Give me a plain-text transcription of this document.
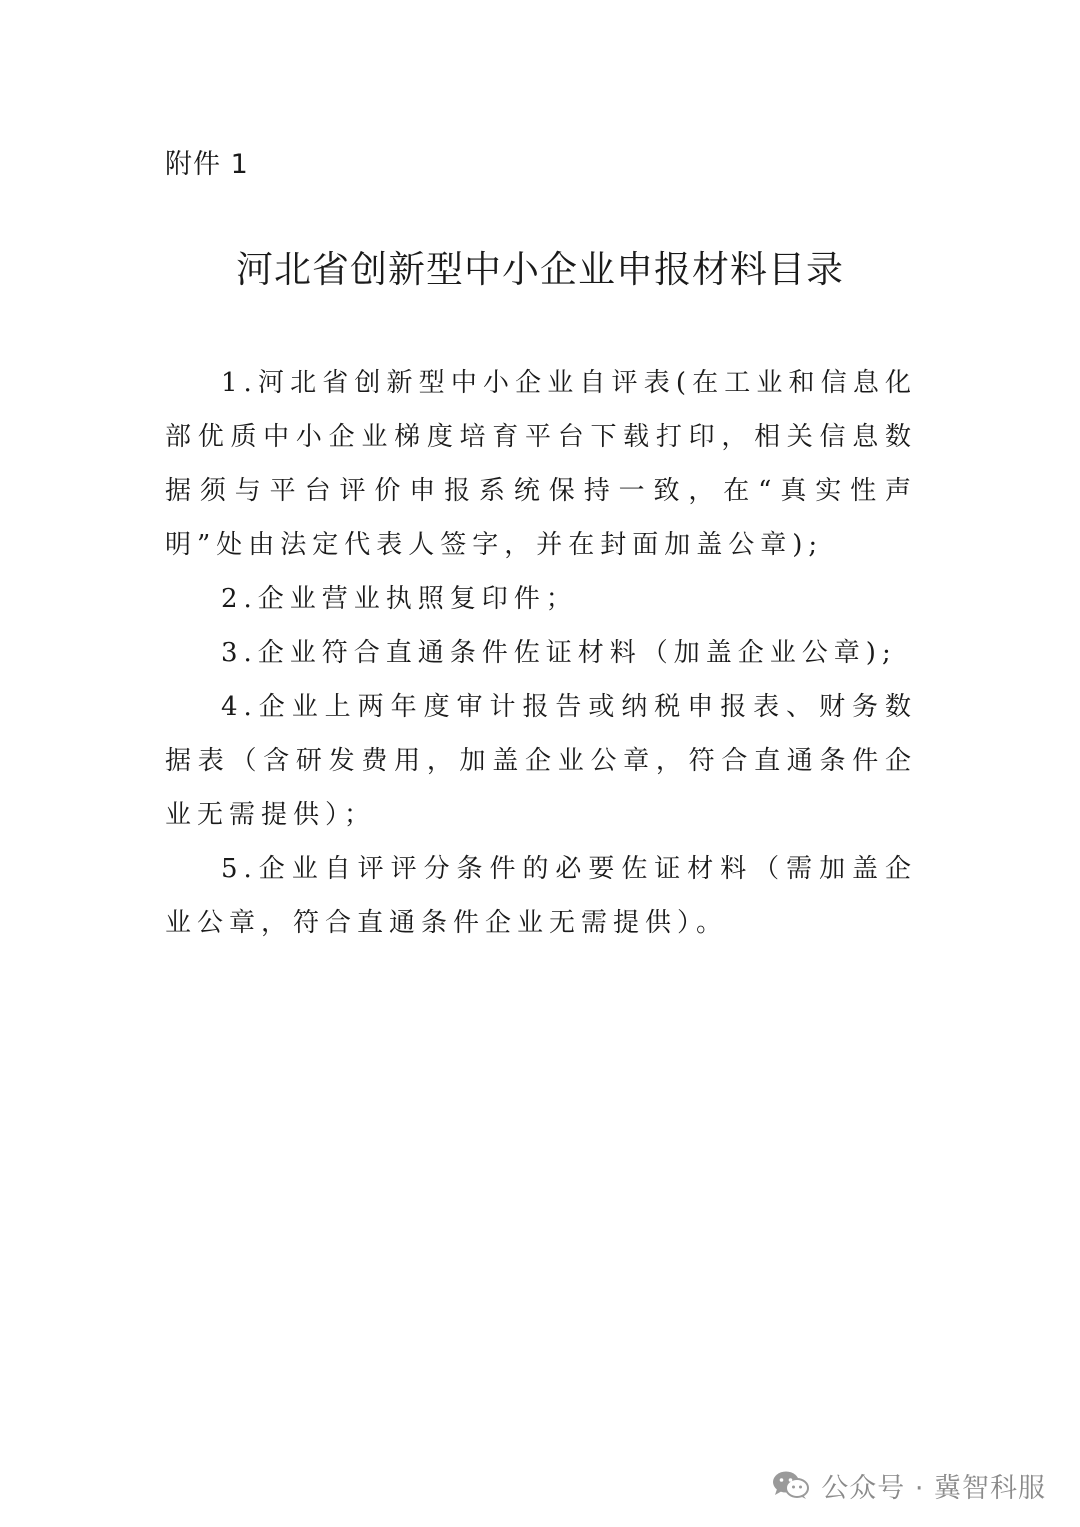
附件 1
河北省创新型中小企业申报材料目录

1.河北省创新型中小企业自评表(在工业和信息化部优质中小企业梯度培育平台下载打印，相关信息数据须与平台评价申报系统保持一致，在“真实性声明”处由法定代表人签字，并在封面加盖公章);

2.企业营业执照复印件；

3.企业符合直通条件佐证材料（加盖企业公章);

4.企业上两年度审计报告或纳税申报表、财务数据表（含研发费用，加盖企业公章，符合直通条件企业无需提供）；

5.企业自评评分条件的必要佐证材料（需加盖企业公章，符合直通条件企业无需提供）。

公众号 · 冀智科服
